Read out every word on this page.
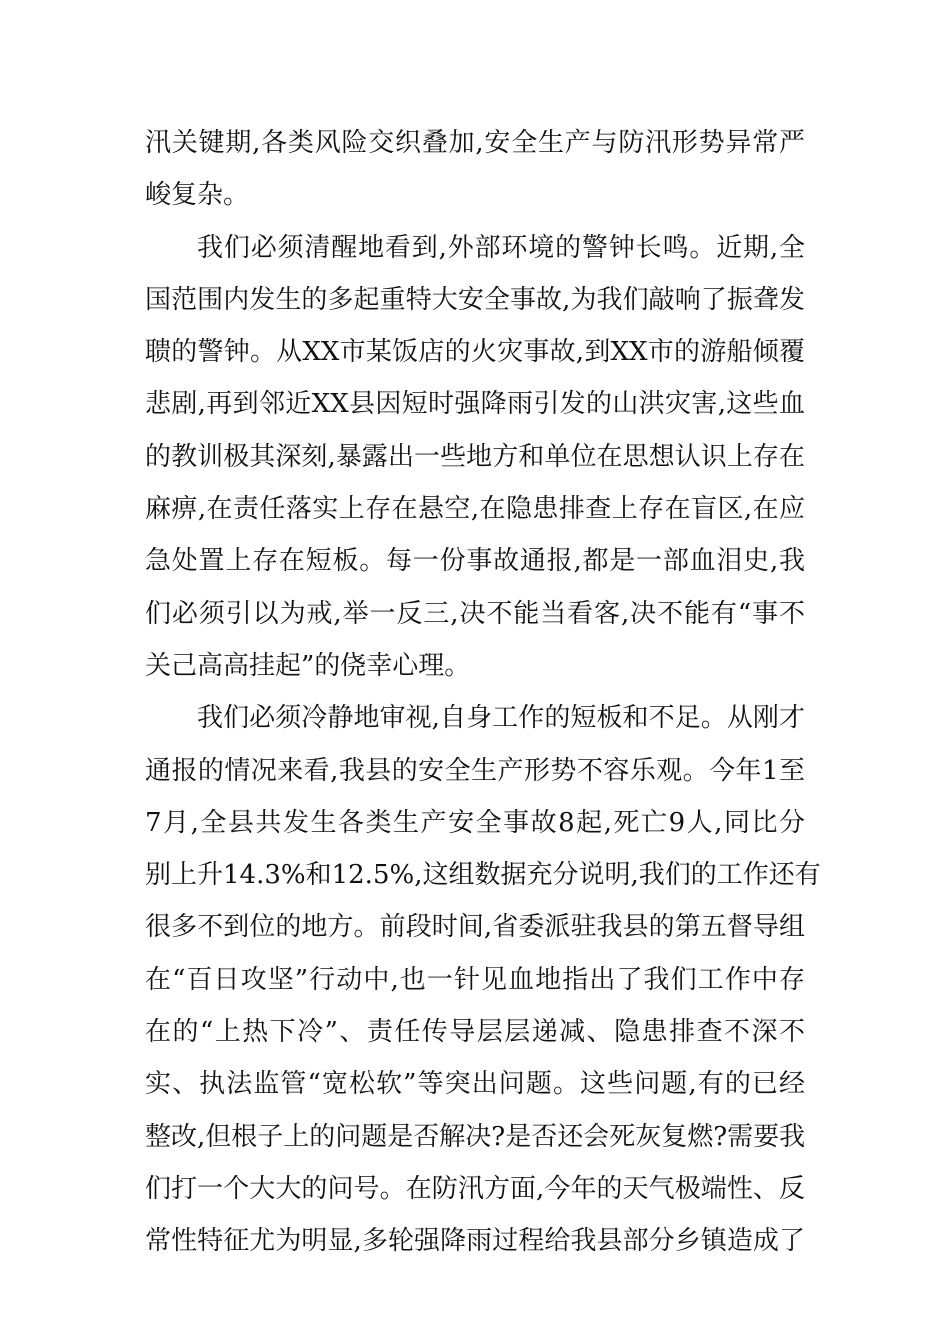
汛关键期,各类风险交织叠加,安全生产与防汛形势异常严
峻复杂。
我们必须清醒地看到,外部环境的警钟长鸣。近期,全
国范围内发生的多起重特大安全事故,为我们敲响了振聋发
聩的警钟。从XX市某饭店的火灾事故,到XX市的游船倾覆
悲剧,再到邻近XX县因短时强降雨引发的山洪灾害,这些血
的教训极其深刻,暴露出一些地方和单位在思想认识上存在
麻痹,在责任落实上存在悬空,在隐患排查上存在盲区,在应
急处置上存在短板。每一份事故通报,都是一部血泪史,我
们必须引以为戒,举一反三,决不能当看客,决不能有“事不
关己高高挂起”的侥幸心理。
我们必须冷静地审视,自身工作的短板和不足。从刚才
通报的情况来看,我县的安全生产形势不容乐观。今年1至
7月,全县共发生各类生产安全事故8起,死亡9人,同比分
别上升14.3%和12.5%,这组数据充分说明,我们的工作还有
很多不到位的地方。前段时间,省委派驻我县的第五督导组
在“百日攻坚”行动中,也一针见血地指出了我们工作中存
在的“上热下冷”、责任传导层层递减、隐患排查不深不
实、执法监管“宽松软”等突出问题。这些问题,有的已经
整改,但根子上的问题是否解决?是否还会死灰复燃?需要我
们打一个大大的问号。在防汛方面,今年的天气极端性、反
常性特征尤为明显,多轮强降雨过程给我县部分乡镇造成了
